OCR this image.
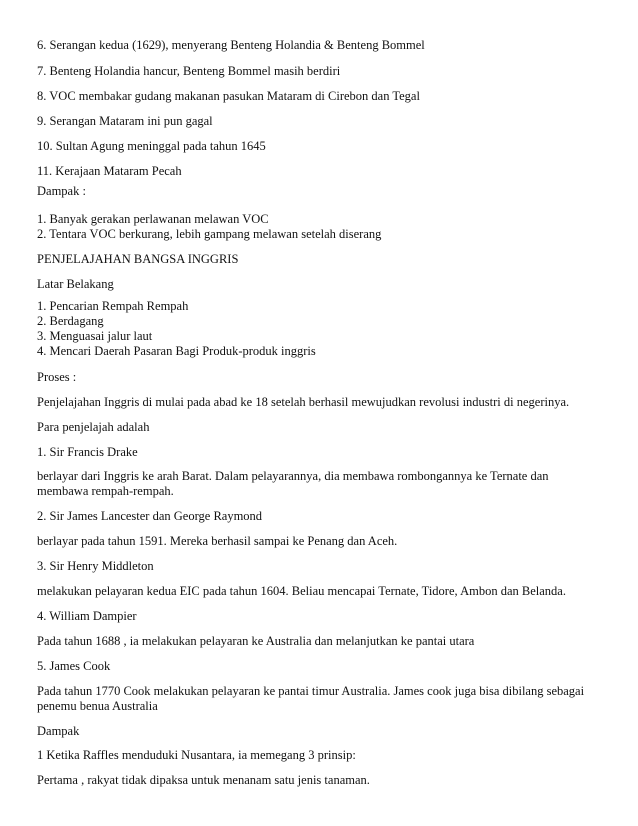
6. Serangan kedua (1629), menyerang Benteng Holandia & Benteng Bommel
7. Benteng Holandia hancur, Benteng Bommel masih berdiri
8. VOC membakar gudang makanan pasukan Mataram di Cirebon dan Tegal
9. Serangan Mataram ini pun gagal
10. Sultan Agung meninggal pada tahun 1645
11. Kerajaan Mataram Pecah
Dampak :
1. Banyak gerakan perlawanan melawan VOC
2. Tentara VOC berkurang, lebih gampang melawan setelah diserang
PENJELAJAHAN BANGSA INGGRIS
Latar Belakang
1. Pencarian Rempah Rempah
2. Berdagang
3. Menguasai jalur laut
4. Mencari Daerah Pasaran Bagi Produk-produk inggris
Proses :
Penjelajahan Inggris di mulai pada abad ke 18 setelah berhasil mewujudkan revolusi industri di negerinya.
Para penjelajah adalah
1. Sir Francis Drake
berlayar dari Inggris ke arah Barat. Dalam pelayarannya, dia membawa rombongannya ke Ternate dan
membawa rempah-rempah.
2. Sir James Lancester dan George Raymond
berlayar pada tahun 1591. Mereka berhasil sampai ke Penang dan Aceh.
3. Sir Henry Middleton
melakukan pelayaran kedua EIC pada tahun 1604. Beliau mencapai Ternate, Tidore, Ambon dan Belanda.
4. William Dampier
Pada tahun 1688 , ia melakukan pelayaran ke Australia dan melanjutkan ke pantai utara
5. James Cook
Pada tahun 1770 Cook melakukan pelayaran ke pantai timur Australia. James cook juga bisa dibilang sebagai
penemu benua Australia
Dampak
1 Ketika Raffles menduduki Nusantara, ia memegang 3 prinsip:
Pertama , rakyat tidak dipaksa untuk menanam satu jenis tanaman.
